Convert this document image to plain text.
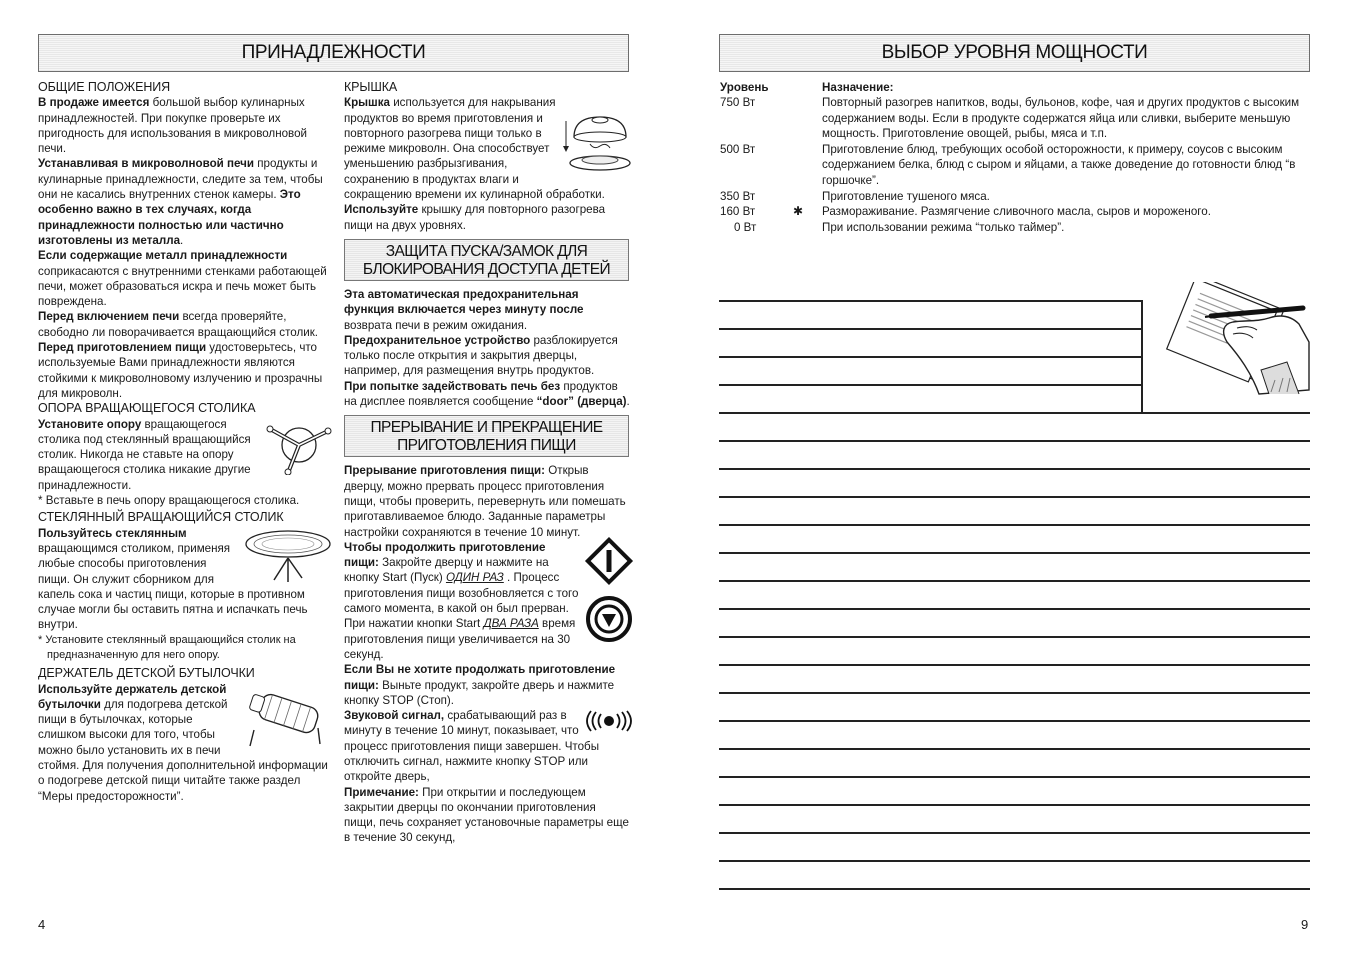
ПРИНАДЛЕЖНОСТИ

ОБЩИЕ ПОЛОЖЕНИЯ

В продаже имеется большой выбор кулинарных принадлежностей. При покупке проверьте их пригодность для использования в микроволновой печи.

Устанавливая в микроволновой печи продукты и кулинарные принадлежности, следите за тем, чтобы они не касались внутренних стенок камеры. Это особенно важно в тех случаях, когда принадлежности полностью или частично изготовлены из металла.

Если содержащие металл принадлежности соприкасаются с внутренними стенками работающей печи, может образоваться искра и печь может быть повреждена.

Перед включением печи всегда проверяйте, свободно ли поворачивается вращающийся столик.

Перед приготовлением пищи удостоверьтесь, что используемые Вами принадлежности являются стойкими к микроволновому излучению и прозрачны для микроволн.

ОПОРА ВРАЩАЮЩЕГОСЯ СТОЛИКА

Установите опору вращающегося столика под стеклянный вращающийся столик. Никогда не ставьте на опору вращающегося столика никакие другие принадлежности.

* Вставьте в печь опору вращающегося столика.

СТЕКЛЯННЫЙ ВРАЩАЮЩИЙСЯ СТОЛИК

Пользуйтесь стеклянным вращающимся столиком, применяя любые способы приготовления пищи. Он служит сборником для капель сока и частиц пищи, которые в противном случае могли бы оставить пятна и испачкать печь внутри.

* Установите стеклянный вращающийся столик на предназначенную для него опору.

ДЕРЖАТЕЛЬ ДЕТСКОЙ БУТЫЛОЧКИ

Используйте держатель детской бутылочки для подогрева детской пищи в бутылочках, которые слишком высоки для того, чтобы можно было установить их в печи стоймя. Для получения дополнительной информации о подогреве детской пищи читайте также раздел “Меры предосторожности”.

КРЫШКА

Крышка используется для накрывания продуктов во время приготовления и повторного разогрева пищи только в режиме микроволн. Она способствует уменьшению разбрызгивания, сохранению в продуктах влаги и сокращению времени их кулинарной обработки. Используйте крышку для повторного разогрева пищи на двух уровнях.

ЗАЩИТА ПУСКА/ЗАМОК ДЛЯ
БЛОКИРОВАНИЯ ДОСТУПА ДЕТЕЙ

Эта автоматическая предохранительная функция включается через минуту после возврата печи в режим ожидания.

Предохранительное устройство разблокируется только после открытия и закрытия дверцы, например, для размещения внутрь продуктов.

При попытке задействовать печь без продуктов на дисплее появляется сообщение “door” (дверца).

ПРЕРЫВАНИЕ И ПРЕКРАЩЕНИЕ
ПРИГОТОВЛЕНИЯ ПИЩИ

Прерывание приготовления пищи: Открыв дверцу, можно прервать процесс приготовления пищи, чтобы проверить, перевернуть или помешать приготавливаемое блюдо. Заданные параметры настройки сохраняются в течение 10 минут.

Чтобы продолжить приготовление пищи: Закройте дверцу и нажмите на кнопку Start (Пуск) ОДИН РАЗ . Процесс приготовления пищи возобновляется с того самого момента, в какой он был прерван. При нажатии кнопки Start ДВА РАЗА время приготовления пищи увеличивается на 30 секунд.

Если Вы не хотите продолжать приготовление пищи: Выньте продукт, закройте дверь и нажмите кнопку STOP (Стоп).

Звуковой сигнал, срабатывающий раз в минуту в течение 10 минут, показывает, что процесс приготовления пищи завершен. Чтобы отключить сигнал, нажмите кнопку STOP или откройте дверь,

Примечание: При открытии и последующем закрытии дверцы по окончании приготовления пищи, печь сохраняет установочные параметры еще в течение 30 секунд,

4
ВЫБОР УРОВНЯ МОЩНОСТИ
Уровень		Назначение:
750 Вт		Повторный разогрев напитков, воды, бульонов, кофе, чая и других продуктов с высоким содержанием воды. Если в продукте содержатся яйца или сливки, выберите меньшую мощность. Приготовление овощей, рыбы, мяса и т.п.
500 Вт		Приготовление блюд, требующих особой осторожности, к примеру, соусов с высоким содержанием белка, блюд с сыром и яйцами, а также доведение до готовности блюд “в горшочке”.
350 Вт		Приготовление тушеного мяса.
160 Вт	✱	Размораживание. Размягчение сливочного масла, сыров и мороженого.
0 Вт		При использовании режима “только таймер”.
9
